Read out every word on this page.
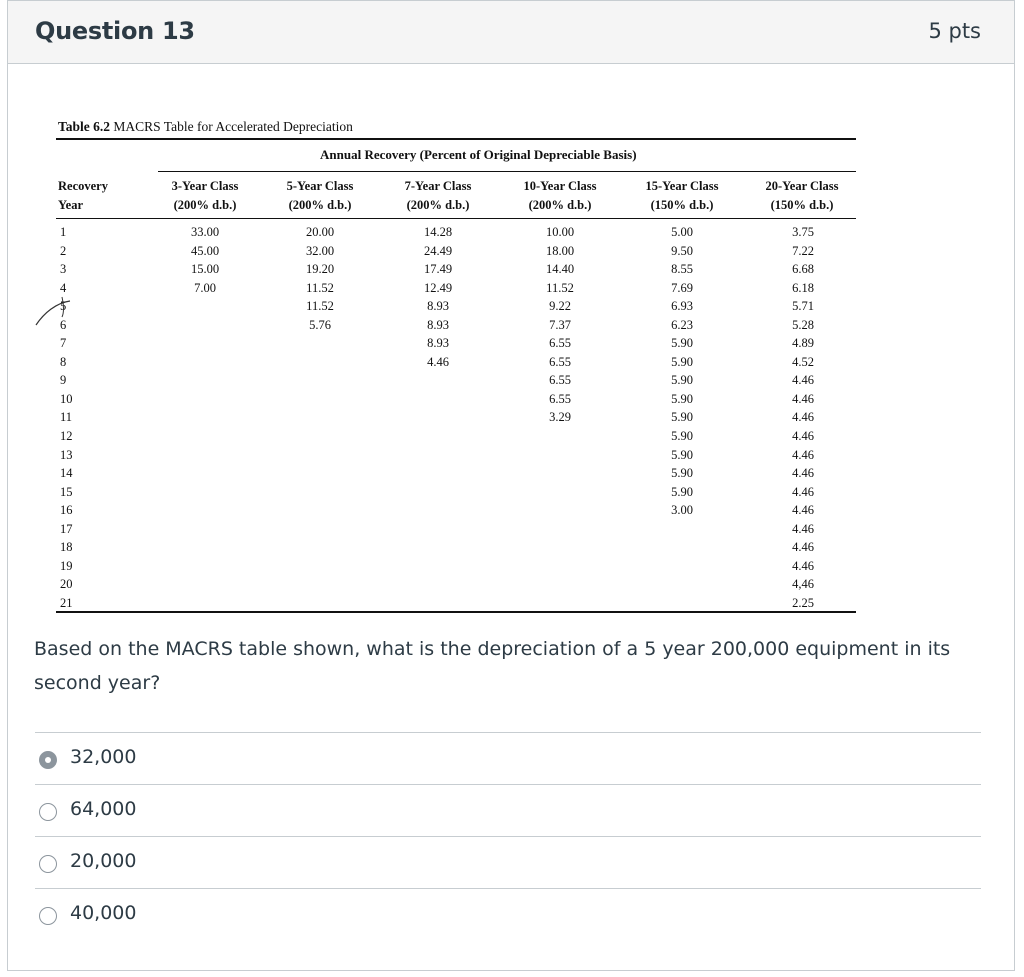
Question 13	5 pts
Table 6.2 MACRS Table for Accelerated Depreciation
Annual Recovery (Percent of Original Depreciable Basis)
Recovery
Year
3-Year Class
(200% d.b.)
5-Year Class
(200% d.b.)
7-Year Class
(200% d.b.)
10-Year Class
(200% d.b.)
15-Year Class
(150% d.b.)
20-Year Class
(150% d.b.)
1
2
3
4
5
6
7
8
9
10
11
12
13
14
15
16
17
18
19
20
21
33.00
45.00
15.00
7.00
20.00
32.00
19.20
11.52
11.52
5.76
14.28
24.49
17.49
12.49
8.93
8.93
8.93
4.46
10.00
18.00
14.40
11.52
9.22
7.37
6.55
6.55
6.55
6.55
3.29
5.00
9.50
8.55
7.69
6.93
6.23
5.90
5.90
5.90
5.90
5.90
5.90
5.90
5.90
5.90
3.00
3.75
7.22
6.68
6.18
5.71
5.28
4.89
4.52
4.46
4.46
4.46
4.46
4.46
4.46
4.46
4.46
4.46
4.46
4.46
4,46
2.25
Based on the MACRS table shown, what is the depreciation of a 5 year 200,000 equipment in its second year?
32,000
64,000
20,000
40,000
